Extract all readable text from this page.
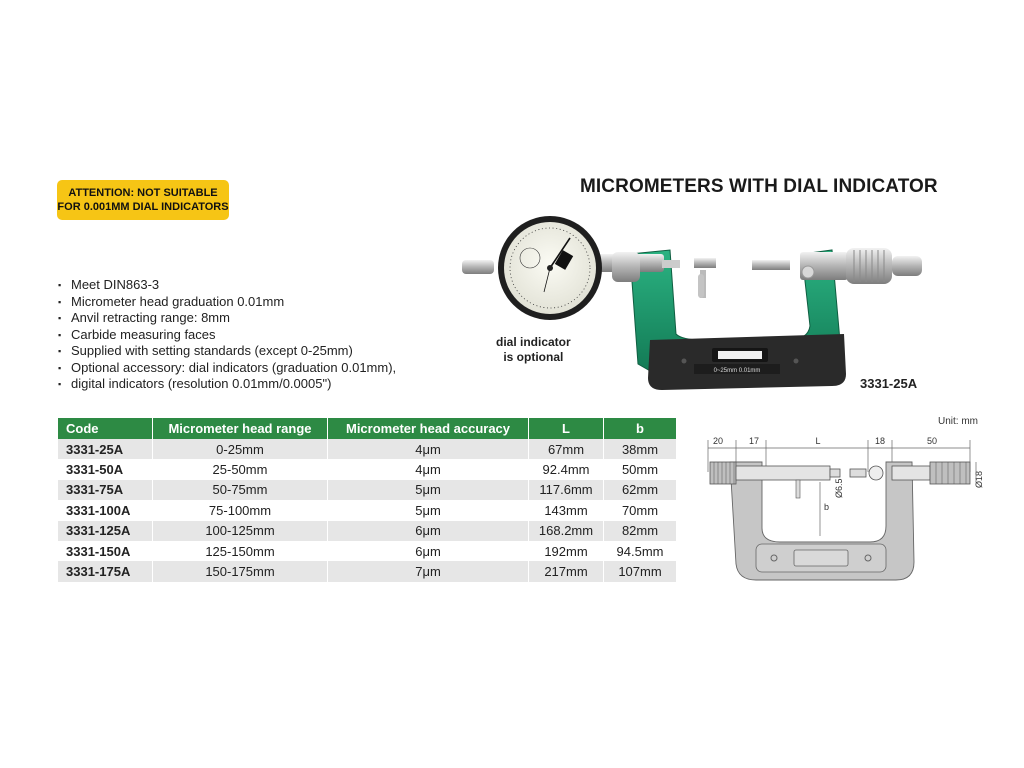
ATTENTION: NOT SUITABLE
FOR 0.001MM DIAL INDICATORS
MICROMETERS WITH DIAL INDICATOR
▪ Meet DIN863-3
▪ Micrometer head graduation 0.01mm
▪ Anvil retracting range: 8mm
▪ Carbide measuring faces
▪ Supplied with setting standards (except 0-25mm)
▪ Optional accessory: dial indicators (graduation 0.01mm),
▪ digital indicators (resolution 0.01mm/0.0005")
0~25mm 0.01mm
dial indicator
is optional
3331-25A
Unit: mm
Code	Micrometer head range	Micrometer head accuracy	L	b
3331-25A	0-25mm	4μm	67mm	38mm
3331-50A	25-50mm	4μm	92.4mm	50mm
3331-75A	50-75mm	5μm	117.6mm	62mm
3331-100A	75-100mm	5μm	143mm	70mm
3331-125A	100-125mm	6μm	168.2mm	82mm
3331-150A	125-150mm	6μm	192mm	94.5mm
3331-175A	150-175mm	7μm	217mm	107mm
20	17	L	18	50
b
Ø6.5	Ø18
